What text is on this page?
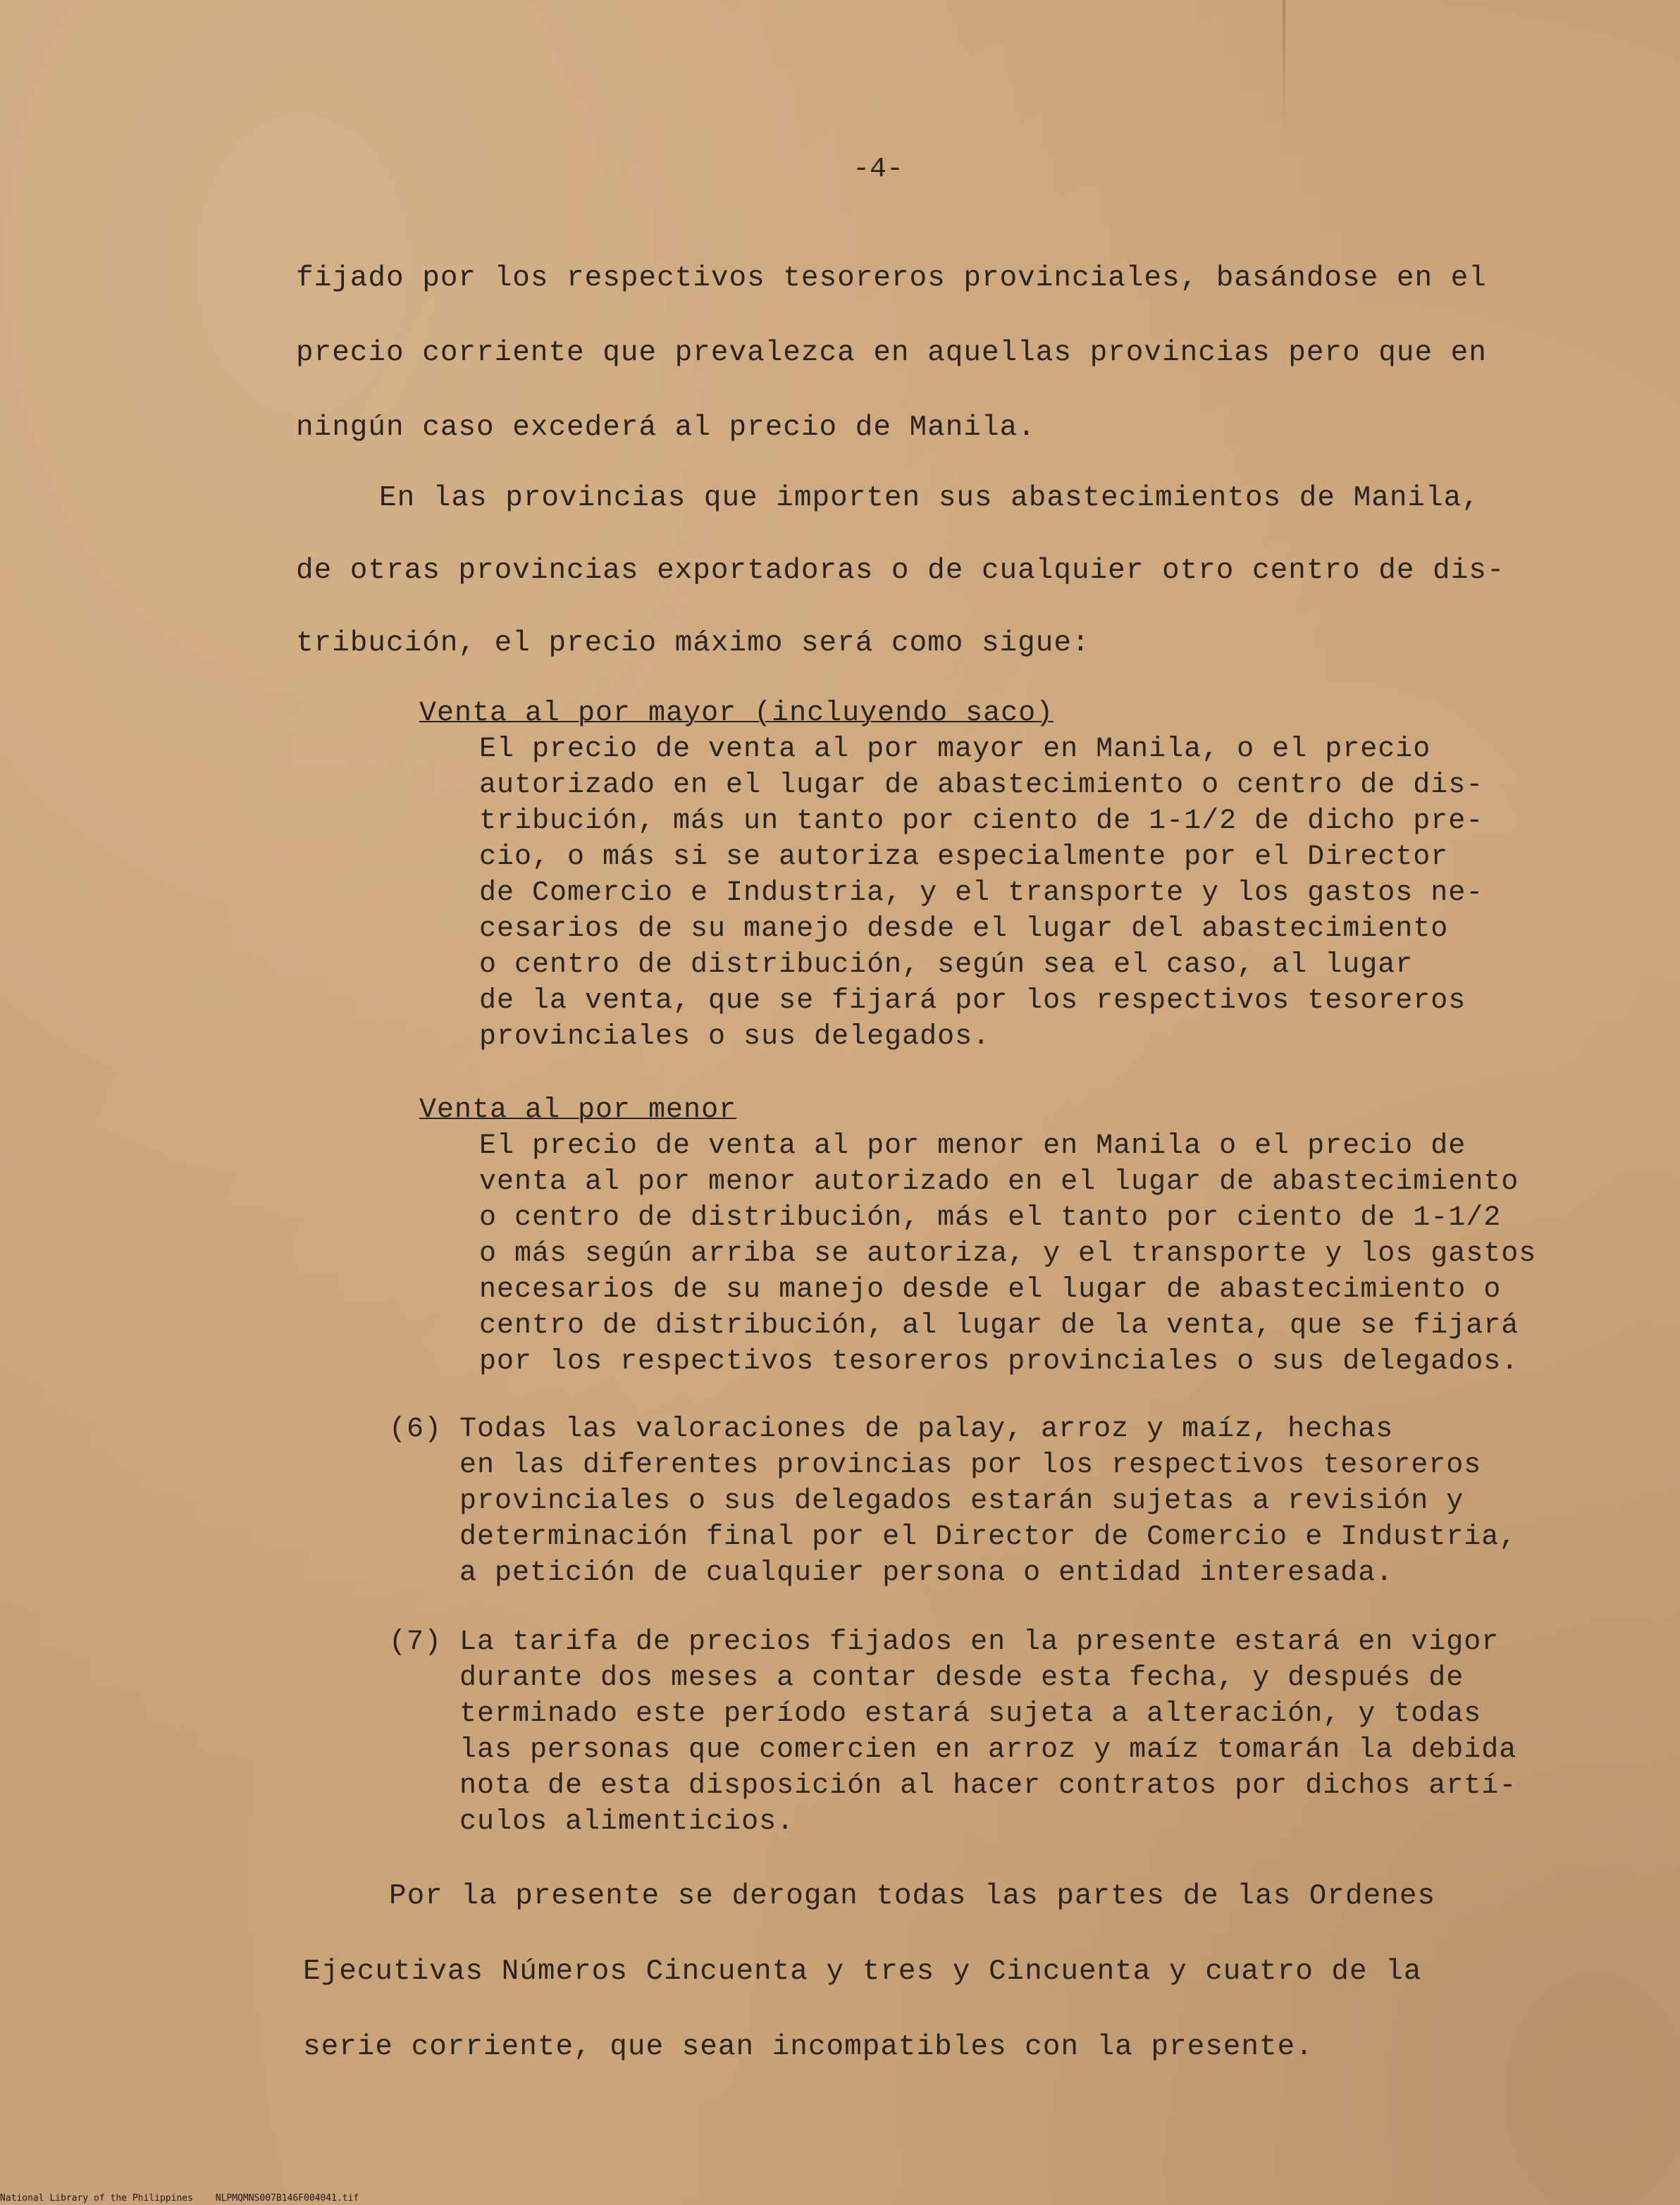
-4-
fijado por los respectivos tesoreros provinciales, basándose en el
precio corriente que prevalezca en aquellas provincias pero que en
ningún caso excederá al precio de Manila.
En las provincias que importen sus abastecimientos de Manila,
de otras provincias exportadoras o de cualquier otro centro de dis-
tribución, el precio máximo será como sigue:
Venta al por mayor (incluyendo saco)
El precio de venta al por mayor en Manila, o el precio
autorizado en el lugar de abastecimiento o centro de dis-
tribución, más un tanto por ciento de 1-1/2 de dicho pre-
cio, o más si se autoriza especialmente por el Director
de Comercio e Industria, y el transporte y los gastos ne-
cesarios de su manejo desde el lugar del abastecimiento
o centro de distribución, según sea el caso, al lugar
de la venta, que se fijará por los respectivos tesoreros
provinciales o sus delegados.
Venta al por menor
El precio de venta al por menor en Manila o el precio de
venta al por menor autorizado en el lugar de abastecimiento
o centro de distribución, más el tanto por ciento de 1-1/2
o más según arriba se autoriza, y el transporte y los gastos
necesarios de su manejo desde el lugar de abastecimiento o
centro de distribución, al lugar de la venta, que se fijará
por los respectivos tesoreros provinciales o sus delegados.
(6) Todas las valoraciones de palay, arroz y maíz, hechas
en las diferentes provincias por los respectivos tesoreros
provinciales o sus delegados estarán sujetas a revisión y
determinación final por el Director de Comercio e Industria,
a petición de cualquier persona o entidad interesada.
(7) La tarifa de precios fijados en la presente estará en vigor
durante dos meses a contar desde esta fecha, y después de
terminado este período estará sujeta a alteración, y todas
las personas que comercien en arroz y maíz tomarán la debida
nota de esta disposición al hacer contratos por dichos artí-
culos alimenticios.
Por la presente se derogan todas las partes de las Ordenes
Ejecutivas Números Cincuenta y tres y Cincuenta y cuatro de la
serie corriente, que sean incompatibles con la presente.
National Library of the Philippines NLPMQMNS007B146F004041.tif
